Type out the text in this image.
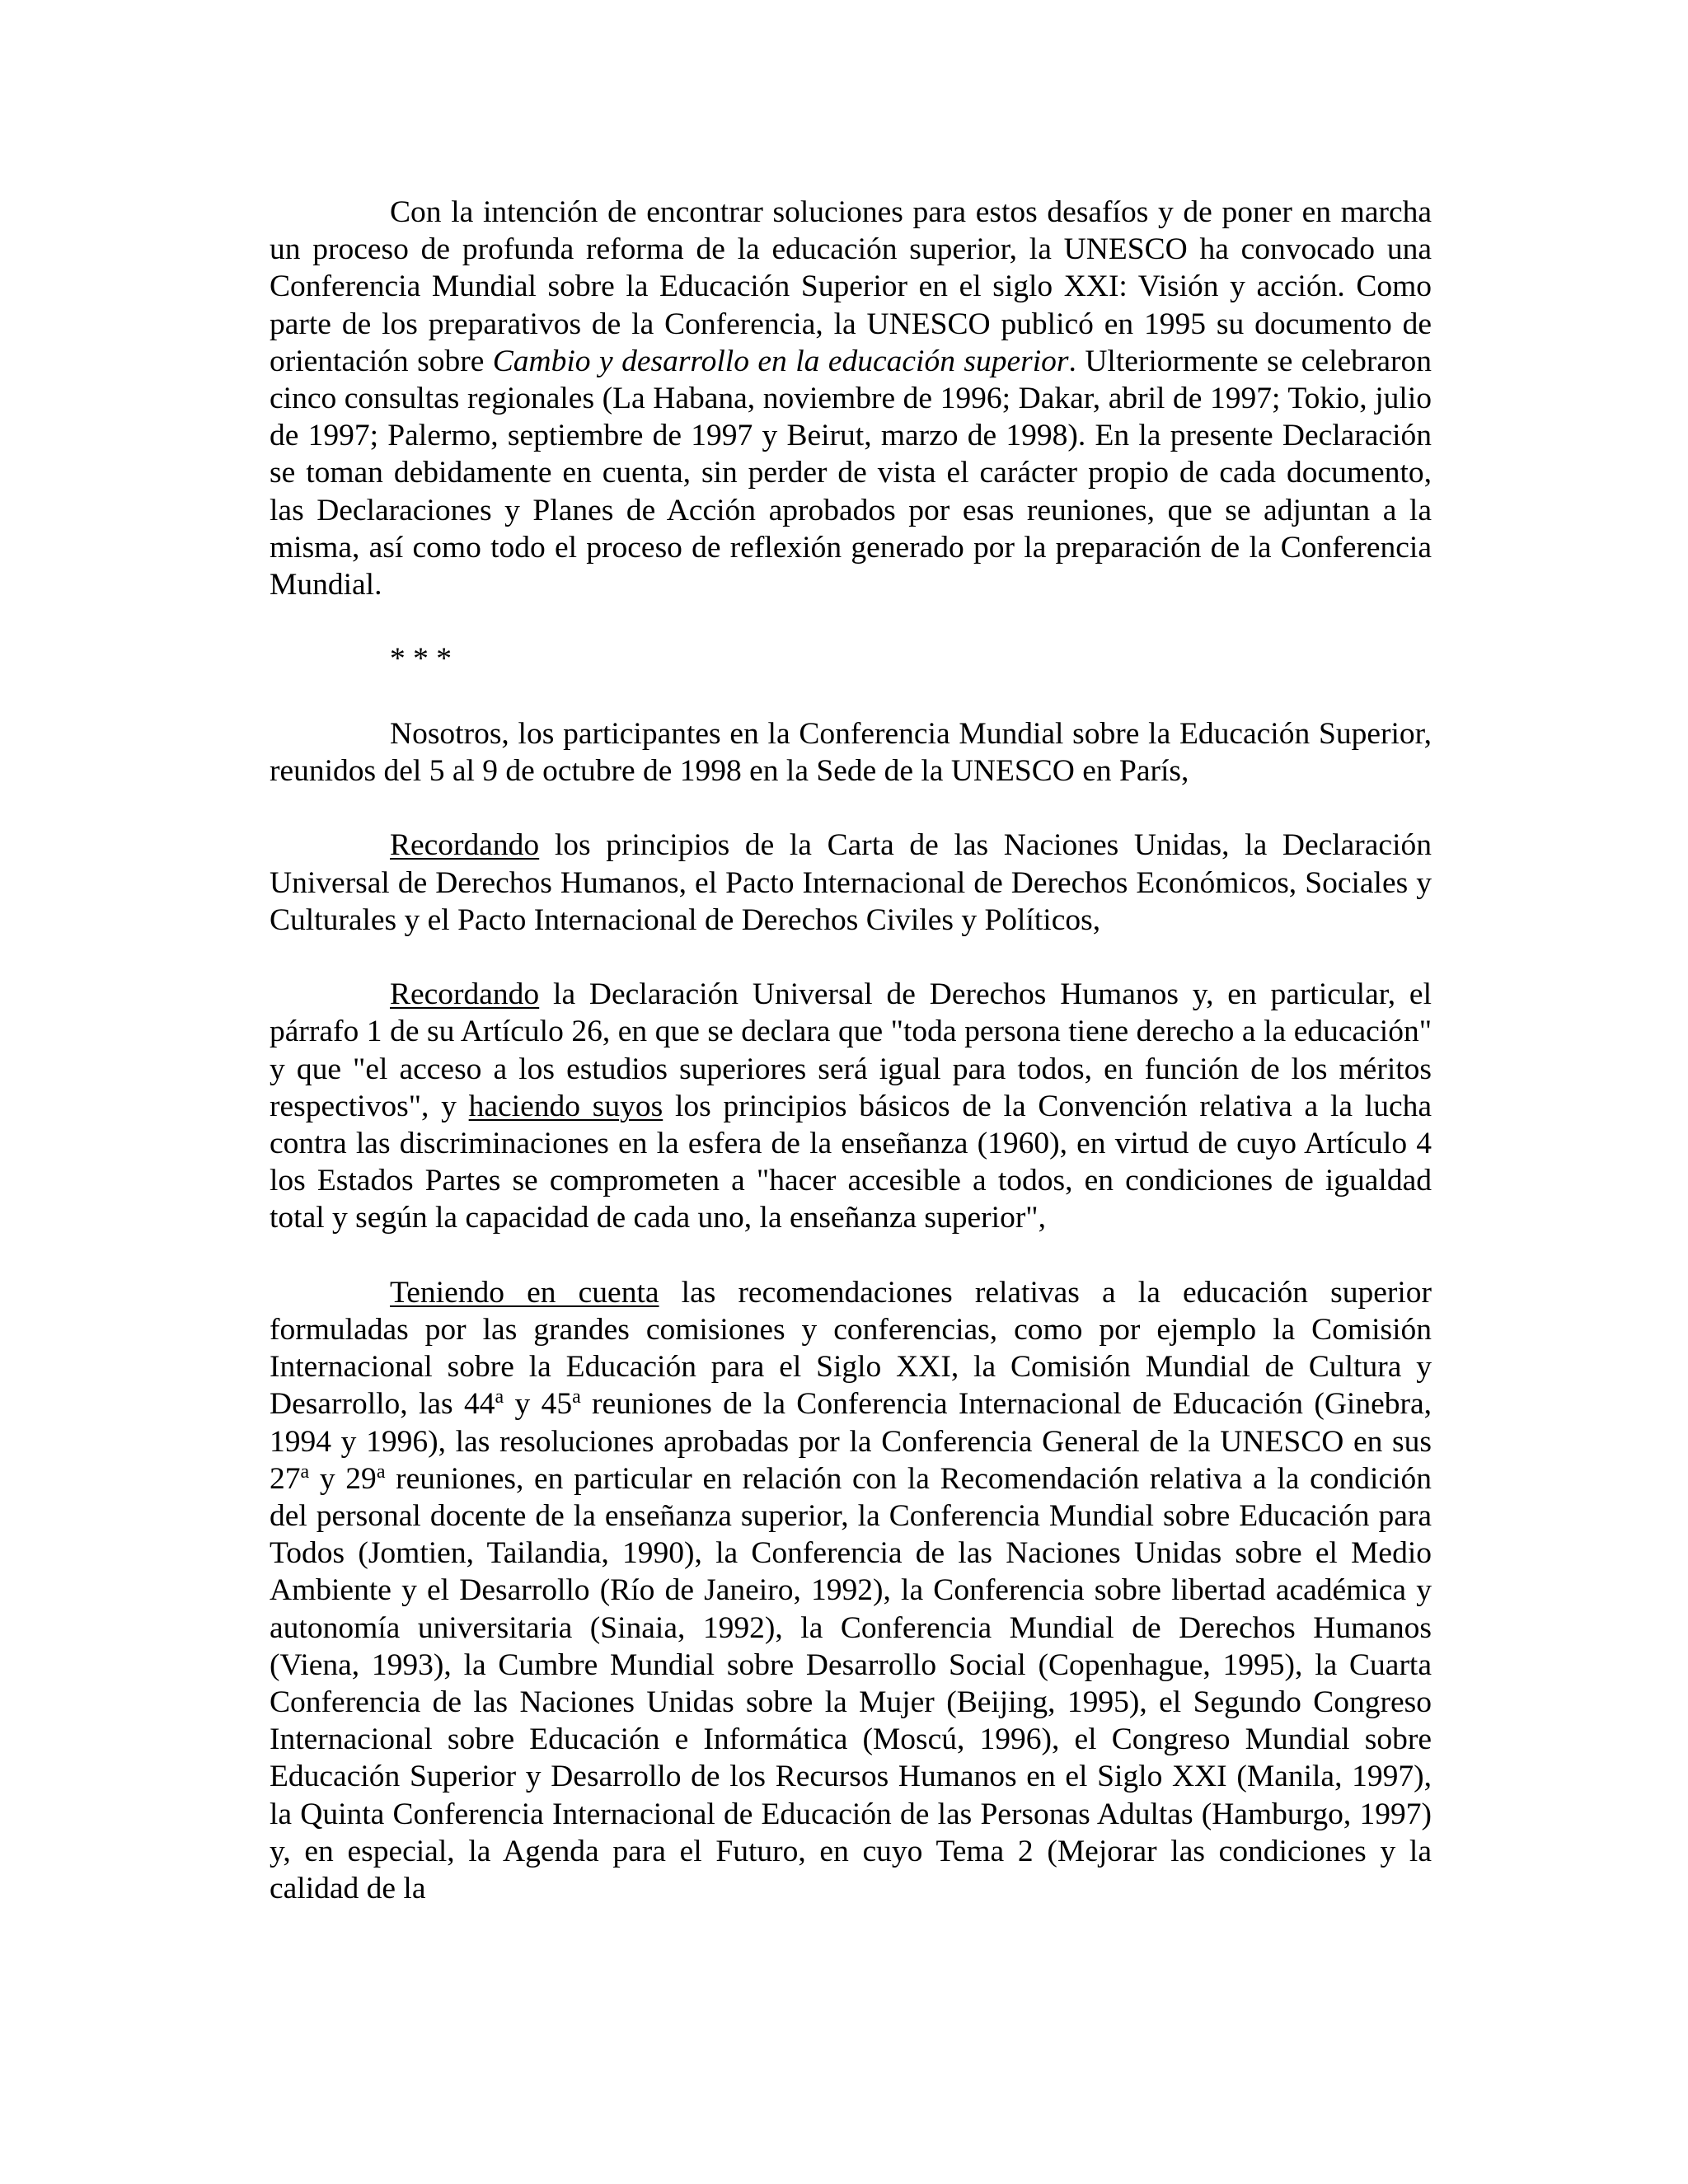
Con la intención de encontrar soluciones para estos desafíos y de poner en marcha un proceso de profunda reforma de la educación superior, la UNESCO ha convocado una Conferencia Mundial sobre la Educación Superior en el siglo XXI: Visión y acción. Como parte de los preparativos de la Conferencia, la UNESCO publicó en 1995 su documento de orientación sobre Cambio y desarrollo en la educación superior. Ulteriormente se celebraron cinco consultas regionales (La Habana, noviembre de 1996; Dakar, abril de 1997; Tokio, julio de 1997; Palermo, septiembre de 1997 y Beirut, marzo de 1998). En la presente Declaración se toman debidamente en cuenta, sin perder de vista el carácter propio de cada documento, las Declaraciones y Planes de Acción aprobados por esas reuniones, que se adjuntan a la misma, así como todo el proceso de reflexión generado por la preparación de la Conferencia Mundial.

* * *

Nosotros, los participantes en la Conferencia Mundial sobre la Educación Superior, reunidos del 5 al 9 de octubre de 1998 en la Sede de la UNESCO en París,

Recordando los principios de la Carta de las Naciones Unidas, la Declaración Universal de Derechos Humanos, el Pacto Internacional de Derechos Económicos, Sociales y Culturales y el Pacto Internacional de Derechos Civiles y Políticos,

Recordando la Declaración Universal de Derechos Humanos y, en particular, el párrafo 1 de su Artículo 26, en que se declara que "toda persona tiene derecho a la educación" y que "el acceso a los estudios superiores será igual para todos, en función de los méritos respectivos", y haciendo suyos los principios básicos de la Convención relativa a la lucha contra las discriminaciones en la esfera de la enseñanza (1960), en virtud de cuyo Artículo 4 los Estados Partes se comprometen a "hacer accesible a todos, en condiciones de igualdad total y según la capacidad de cada uno, la enseñanza superior",

Teniendo en cuenta las recomendaciones relativas a la educación superior formuladas por las grandes comisiones y conferencias, como por ejemplo la Comisión Internacional sobre la Educación para el Siglo XXI, la Comisión Mundial de Cultura y Desarrollo, las 44$^a$ y 45$^a$ reuniones de la Conferencia Internacional de Educación (Ginebra, 1994 y 1996), las resoluciones aprobadas por la Conferencia General de la UNESCO en sus 27$^a$ y 29$^a$ reuniones, en particular en relación con la Recomendación relativa a la condición del personal docente de la enseñanza superior, la Conferencia Mundial sobre Educación para Todos (Jomtien, Tailandia, 1990), la Conferencia de las Naciones Unidas sobre el Medio Ambiente y el Desarrollo (Río de Janeiro, 1992), la Conferencia sobre libertad académica y autonomía universitaria (Sinaia, 1992), la Conferencia Mundial de Derechos Humanos (Viena, 1993), la Cumbre Mundial sobre Desarrollo Social (Copenhague, 1995), la Cuarta Conferencia de las Naciones Unidas sobre la Mujer (Beijing, 1995), el Segundo Congreso Internacional sobre Educación e Informática (Moscú, 1996), el Congreso Mundial sobre Educación Superior y Desarrollo de los Recursos Humanos en el Siglo XXI (Manila, 1997), la Quinta Conferencia Internacional de Educación de las Personas Adultas (Hamburgo, 1997) y, en especial, la Agenda para el Futuro, en cuyo Tema 2 (Mejorar las condiciones y la calidad de la
